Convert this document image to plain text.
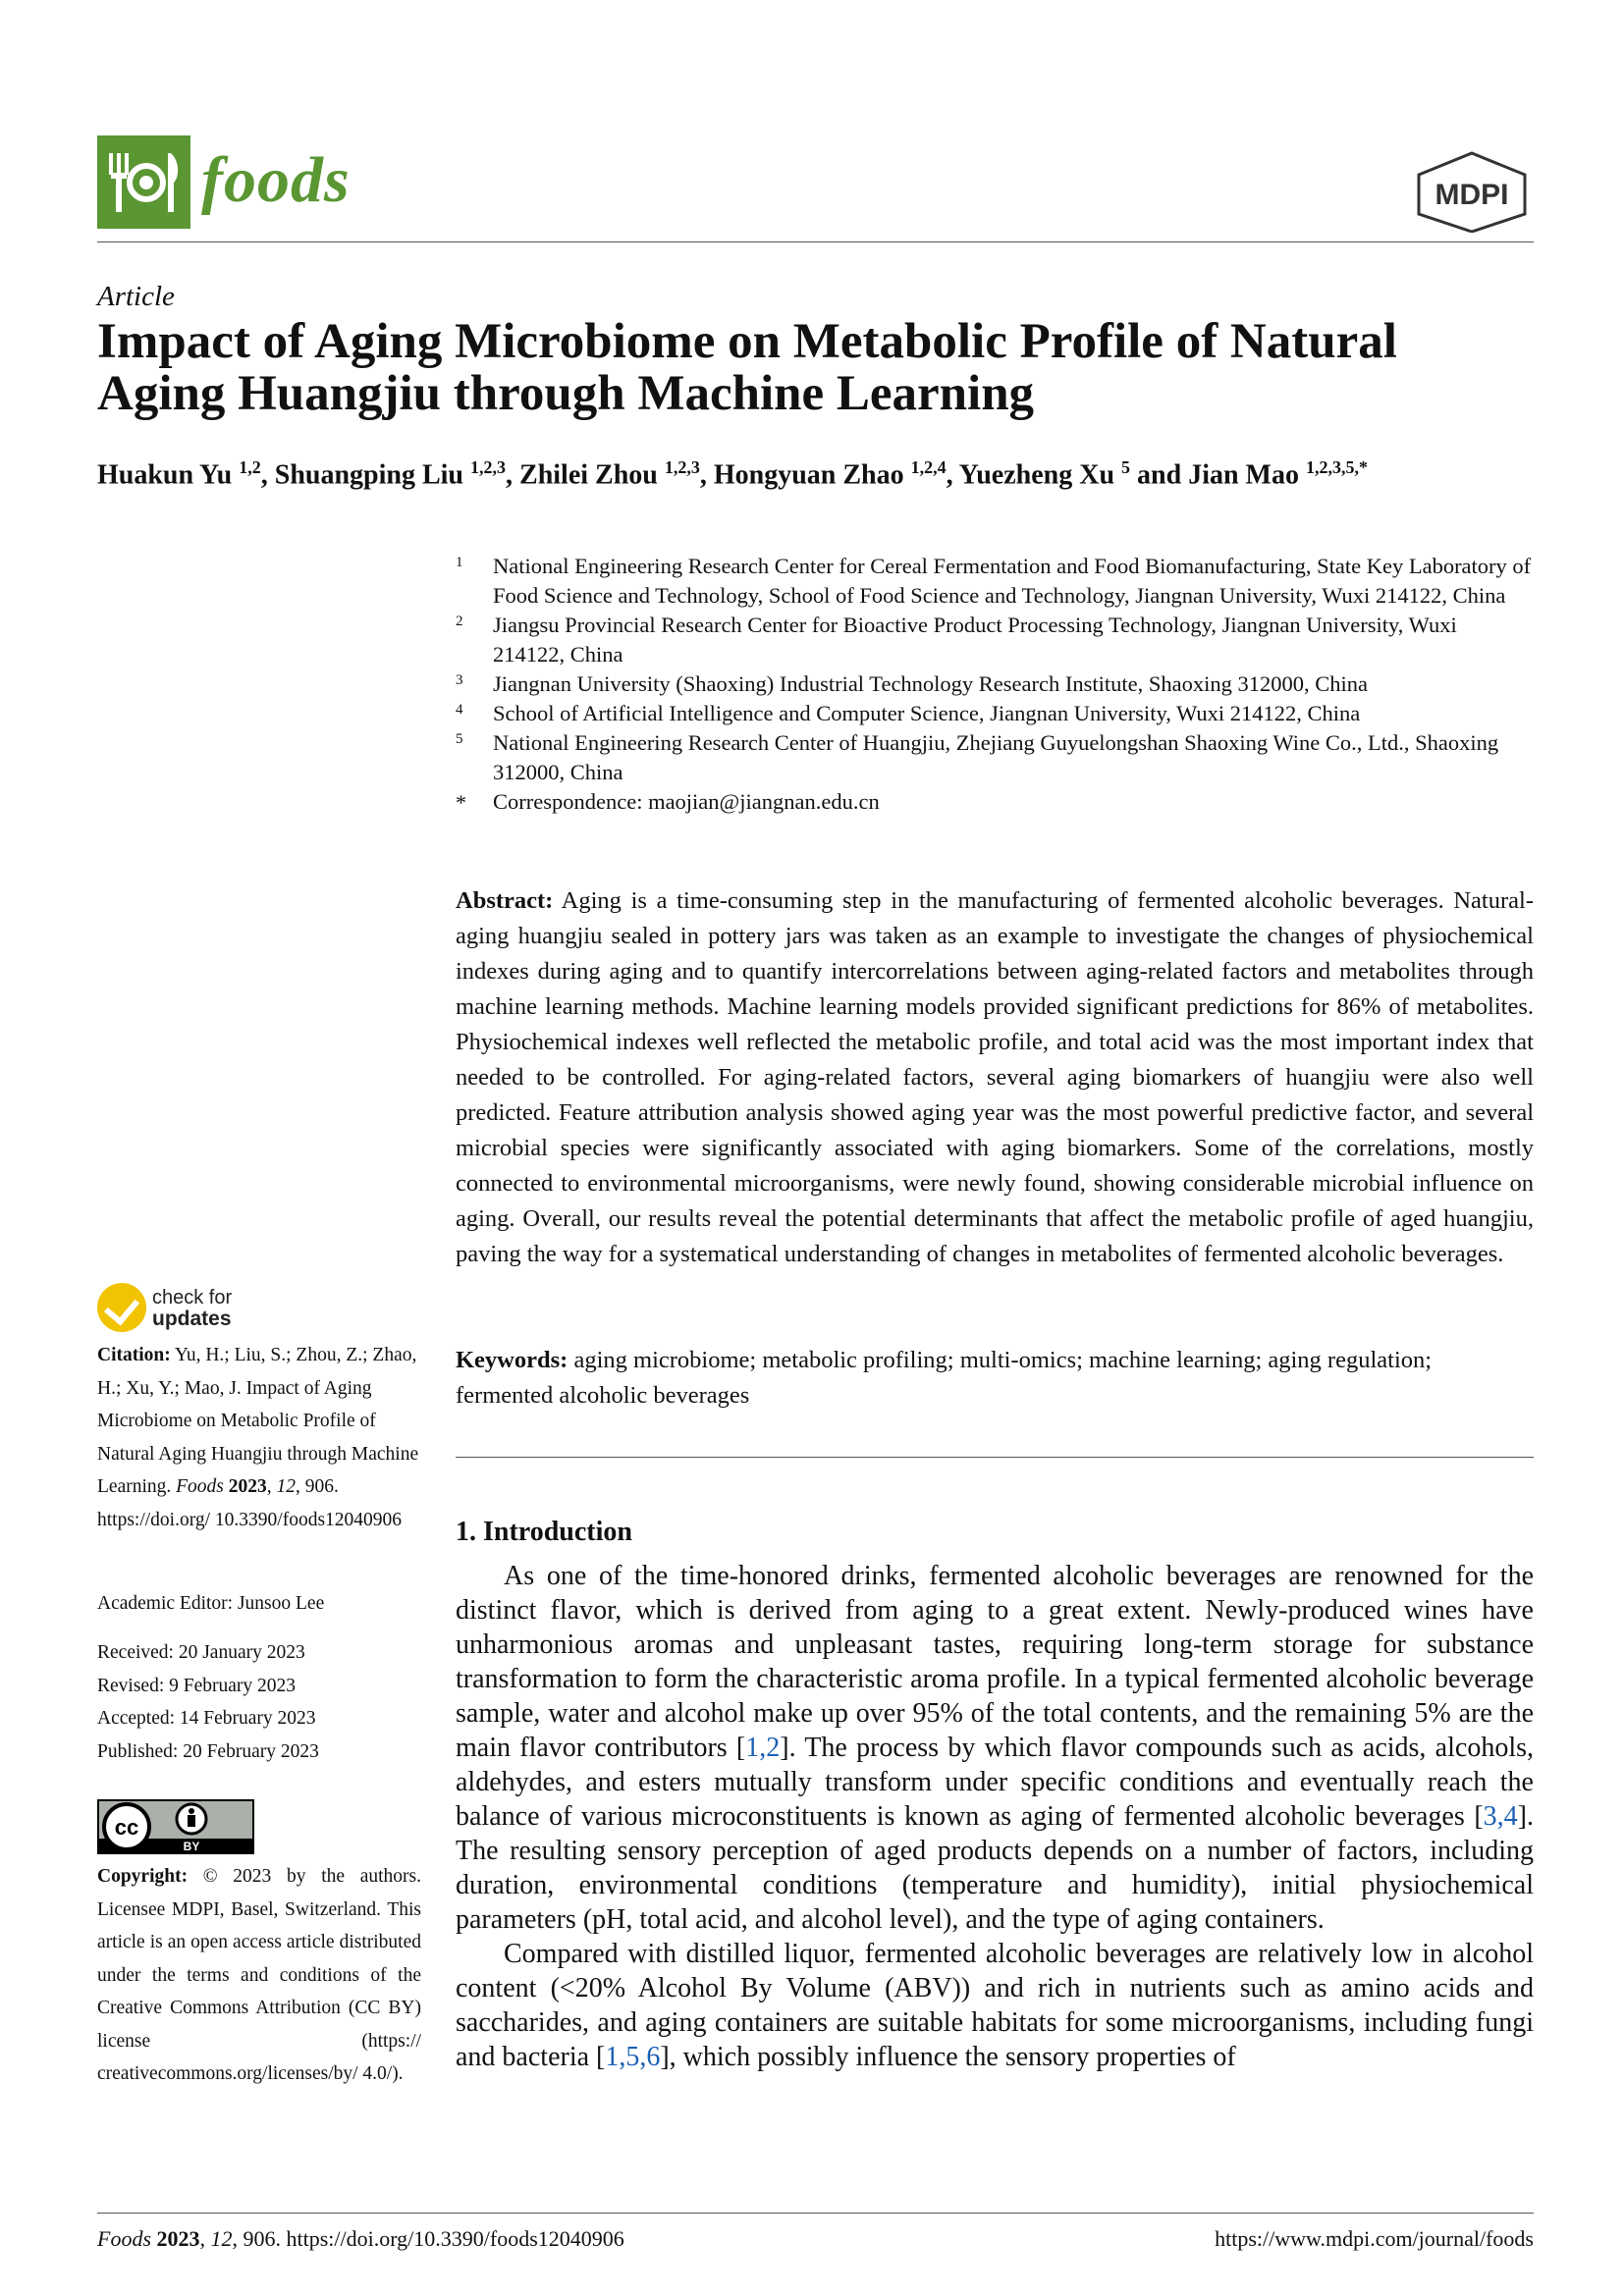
foods	MDPI
Article
Impact of Aging Microbiome on Metabolic Profile of Natural Aging Huangjiu through Machine Learning
Huakun Yu $^{1,2}$, Shuangping Liu $^{1,2,3}$, Zhilei Zhou $^{1,2,3}$, Hongyuan Zhao $^{1,2,4}$, Yuezheng Xu $^5$ and Jian Mao $^{1,2,3,5,*}$
1 National Engineering Research Center for Cereal Fermentation and Food Biomanufacturing, State Key Laboratory of Food Science and Technology, School of Food Science and Technology, Jiangnan University, Wuxi 214122, China
2 Jiangsu Provincial Research Center for Bioactive Product Processing Technology, Jiangnan University, Wuxi 214122, China
3 Jiangnan University (Shaoxing) Industrial Technology Research Institute, Shaoxing 312000, China
4 School of Artificial Intelligence and Computer Science, Jiangnan University, Wuxi 214122, China
5 National Engineering Research Center of Huangjiu, Zhejiang Guyuelongshan Shaoxing Wine Co., Ltd., Shaoxing 312000, China
* Correspondence: maojian@jiangnan.edu.cn
Abstract: Aging is a time-consuming step in the manufacturing of fermented alcoholic beverages. Natural-aging huangjiu sealed in pottery jars was taken as an example to investigate the changes of physiochemical indexes during aging and to quantify intercorrelations between aging-related factors and metabolites through machine learning methods. Machine learning models provided significant predictions for 86% of metabolites. Physiochemical indexes well reflected the metabolic profile, and total acid was the most important index that needed to be controlled. For aging-related factors, several aging biomarkers of huangjiu were also well predicted. Feature attribution analysis showed aging year was the most powerful predictive factor, and several microbial species were significantly associated with aging biomarkers. Some of the correlations, mostly connected to environmental microorganisms, were newly found, showing considerable microbial influence on aging. Overall, our results reveal the potential determinants that affect the metabolic profile of aged huangjiu, paving the way for a systematical understanding of changes in metabolites of fermented alcoholic beverages.
Keywords: aging microbiome; metabolic profiling; multi-omics; machine learning; aging regulation; fermented alcoholic beverages
1. Introduction

As one of the time-honored drinks, fermented alcoholic beverages are renowned for the distinct flavor, which is derived from aging to a great extent. Newly-produced wines have unharmonious aromas and unpleasant tastes, requiring long-term storage for substance transformation to form the characteristic aroma profile. In a typical fermented alcoholic beverage sample, water and alcohol make up over 95% of the total contents, and the remaining 5% are the main flavor contributors [1,2]. The process by which flavor compounds such as acids, alcohols, aldehydes, and esters mutually transform under specific conditions and eventually reach the balance of various microconstituents is known as aging of fermented alcoholic beverages [3,4]. The resulting sensory perception of aged products depends on a number of factors, including duration, environmental conditions (temperature and humidity), initial physiochemical parameters (pH, total acid, and alcohol level), and the type of aging containers.

Compared with distilled liquor, fermented alcoholic beverages are relatively low in alcohol content (<20% Alcohol By Volume (ABV)) and rich in nutrients such as amino acids and saccharides, and aging containers are suitable habitats for some microorganisms, including fungi and bacteria [1,5,6], which possibly influence the sensory properties of

check for
updates
Citation: Yu, H.; Liu, S.; Zhou, Z.; Zhao, H.; Xu, Y.; Mao, J. Impact of Aging Microbiome on Metabolic Profile of Natural Aging Huangjiu through Machine Learning. Foods 2023, 12, 906. https://doi.org/ 10.3390/foods12040906
Academic Editor: Junsoo Lee
Received: 20 January 2023
Revised: 9 February 2023
Accepted: 14 February 2023
Published: 20 February 2023
cc
BY
Copyright: © 2023 by the authors. Licensee MDPI, Basel, Switzerland. This article is an open access article distributed under the terms and conditions of the Creative Commons Attribution (CC BY) license (https:// creativecommons.org/licenses/by/ 4.0/).
Foods 2023, 12, 906. https://doi.org/10.3390/foods12040906	https://www.mdpi.com/journal/foods
